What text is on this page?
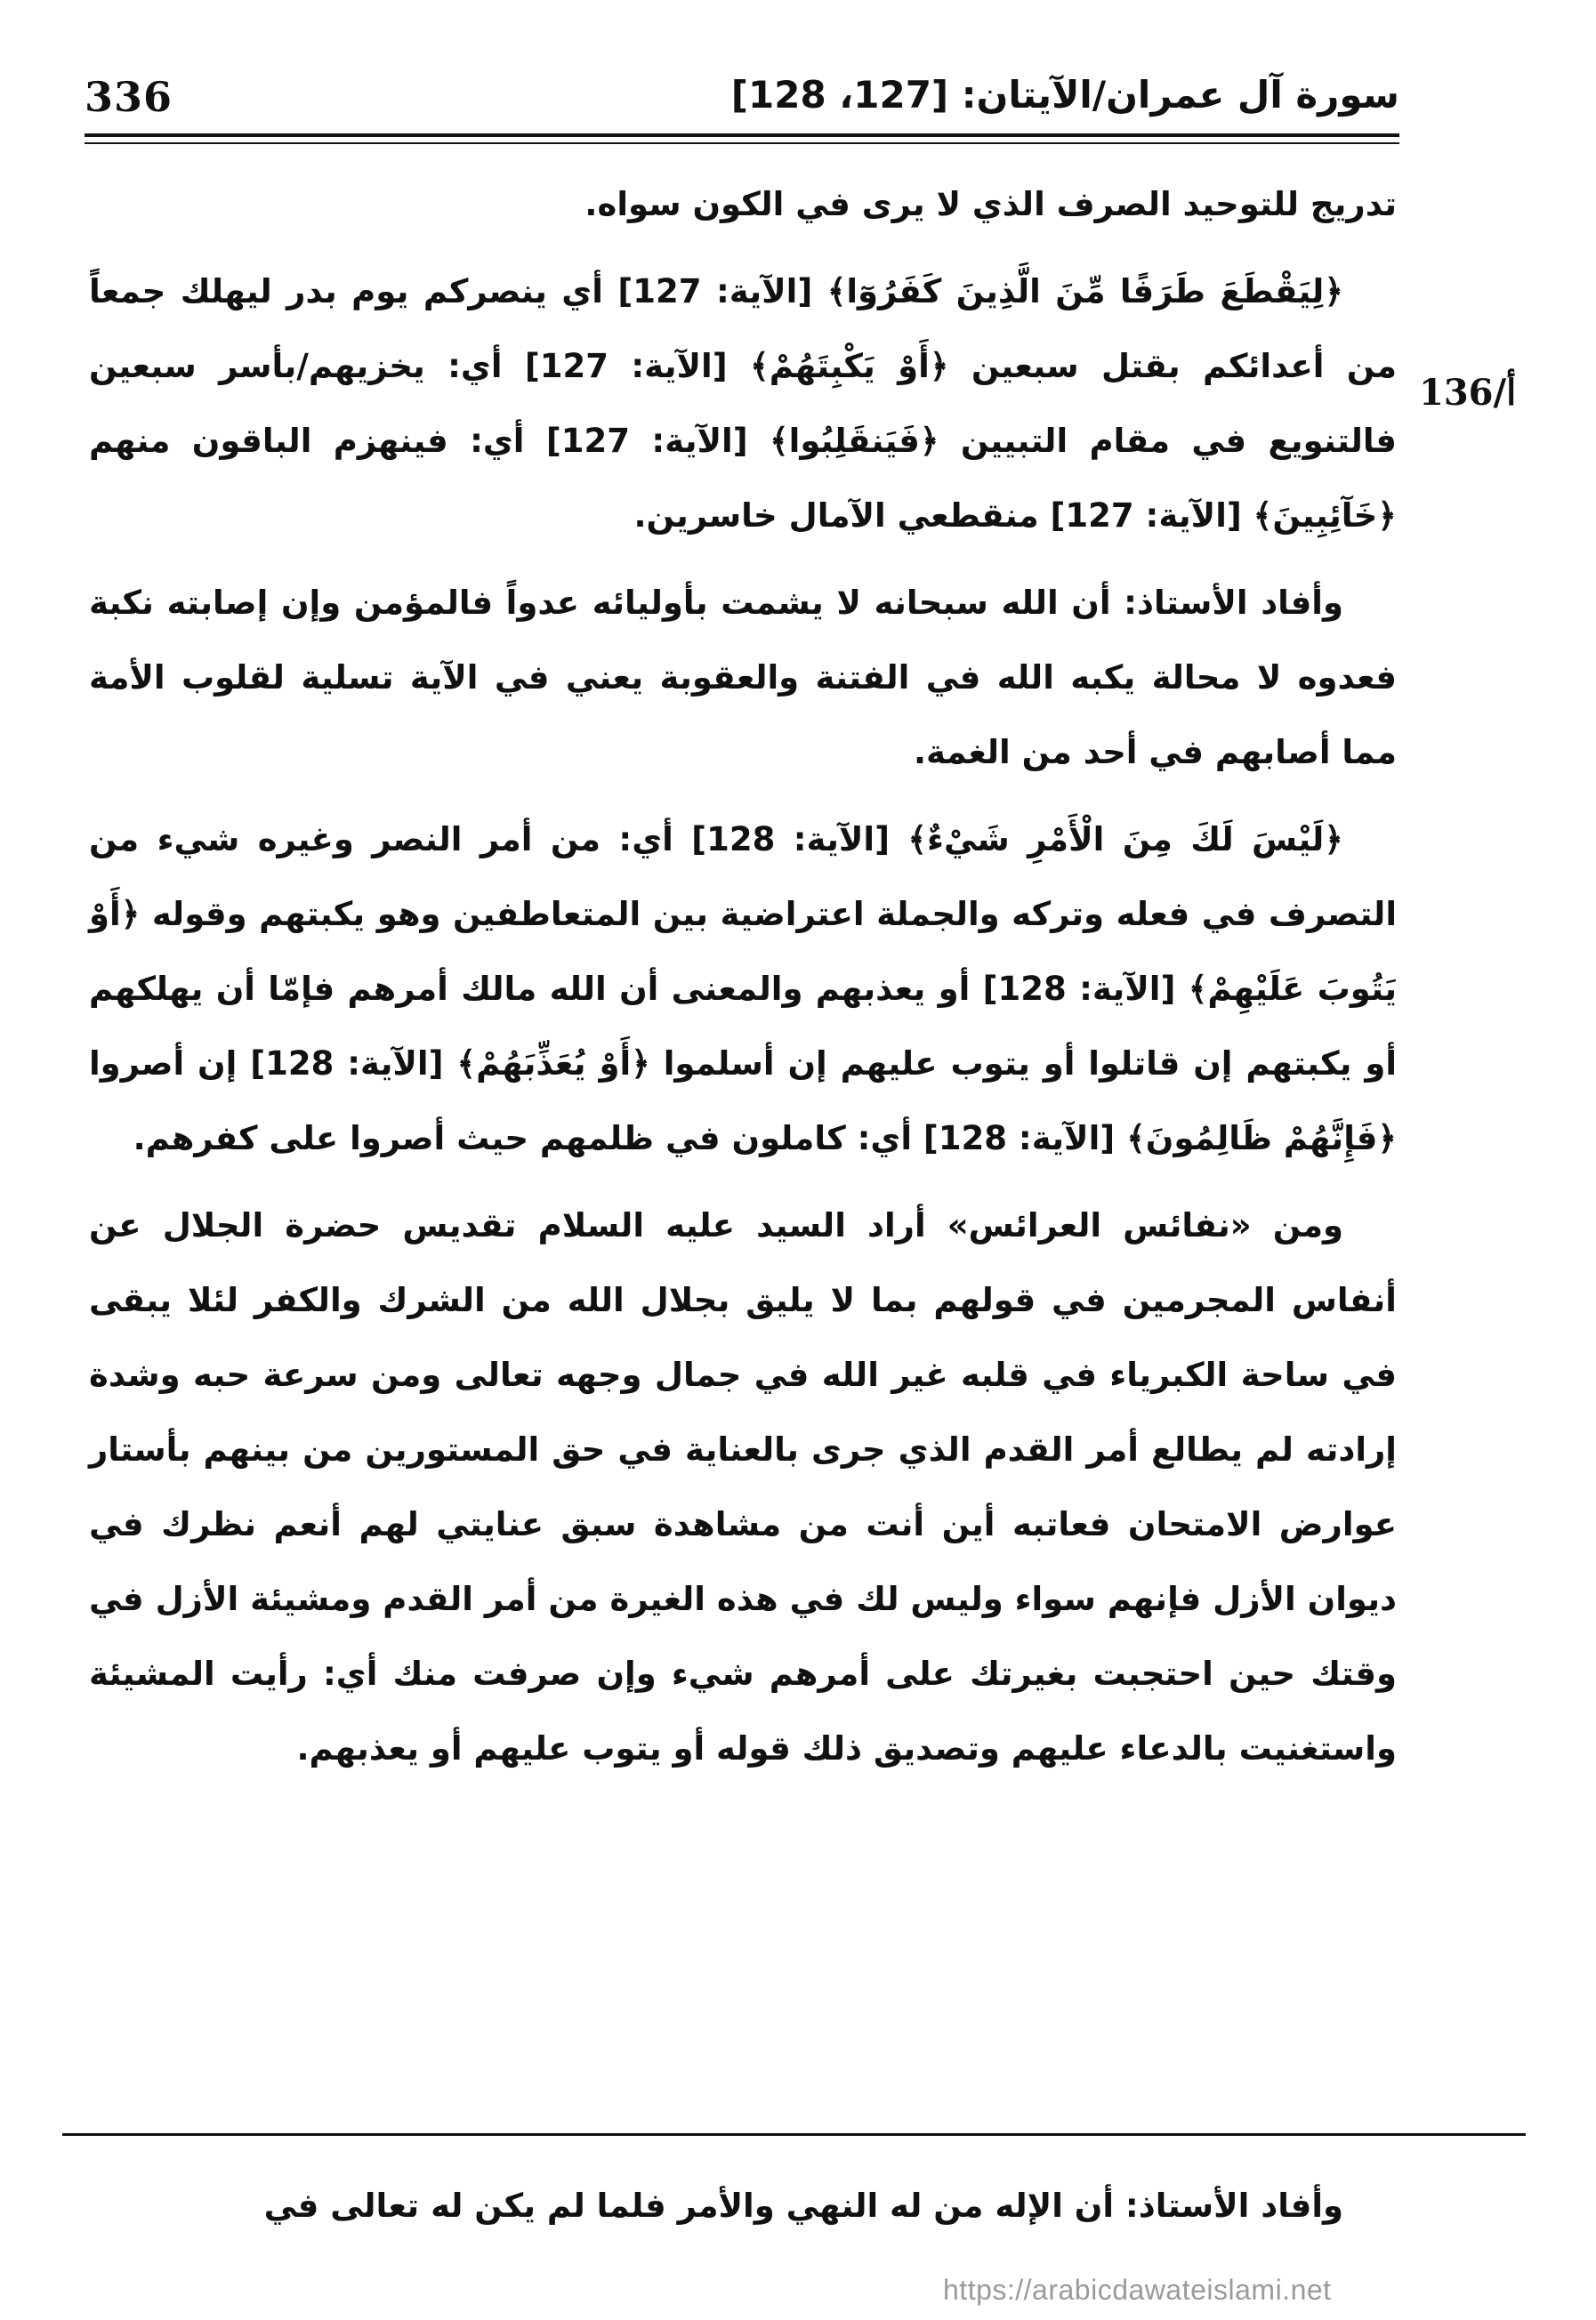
336	سورة آل عمران/الآيتان: [127، 128]
136/أ

تدريج للتوحيد الصرف الذي لا يرى في الكون سواه.

﴿لِيَقْطَعَ طَرَفًا مِّنَ الَّذِينَ كَفَرُوٓا﴾ [الآية: 127] أي ينصركم يوم بدر ليهلك جمعاً من أعدائكم بقتل سبعين ﴿أَوْ يَكْبِتَهُمْ﴾ [الآية: 127] أي: يخزيهم/بأسر سبعين فالتنويع في مقام التبيين ﴿فَيَنقَلِبُوا﴾ [الآية: 127] أي: فينهزم الباقون منهم ﴿خَآئِبِينَ﴾ [الآية: 127] منقطعي الآمال خاسرين.

وأفاد الأستاذ: أن الله سبحانه لا يشمت بأوليائه عدواً فالمؤمن وإن إصابته نكبة فعدوه لا محالة يكبه الله في الفتنة والعقوبة يعني في الآية تسلية لقلوب الأمة مما أصابهم في أحد من الغمة.

﴿لَيْسَ لَكَ مِنَ الْأَمْرِ شَيْءٌ﴾ [الآية: 128] أي: من أمر النصر وغيره شيء من التصرف في فعله وتركه والجملة اعتراضية بين المتعاطفين وهو يكبتهم وقوله ﴿أَوْ يَتُوبَ عَلَيْهِمْ﴾ [الآية: 128] أو يعذبهم والمعنى أن الله مالك أمرهم فإمّا أن يهلكهم أو يكبتهم إن قاتلوا أو يتوب عليهم إن أسلموا ﴿أَوْ يُعَذِّبَهُمْ﴾ [الآية: 128] إن أصروا ﴿فَإِنَّهُمْ ظَالِمُونَ﴾ [الآية: 128] أي: كاملون في ظلمهم حيث أصروا على كفرهم.

ومن «نفائس العرائس» أراد السيد عليه السلام تقديس حضرة الجلال عن أنفاس المجرمين في قولهم بما لا يليق بجلال الله من الشرك والكفر لئلا يبقى في ساحة الكبرياء في قلبه غير الله في جمال وجهه تعالى ومن سرعة حبه وشدة إرادته لم يطالع أمر القدم الذي جرى بالعناية في حق المستورين من بينهم بأستار عوارض الامتحان فعاتبه أين أنت من مشاهدة سبق عنايتي لهم أنعم نظرك في ديوان الأزل فإنهم سواء وليس لك في هذه الغيرة من أمر القدم ومشيئة الأزل في وقتك حين احتجبت بغيرتك على أمرهم شيء وإن صرفت منك أي: رأيت المشيئة واستغنيت بالدعاء عليهم وتصديق ذلك قوله أو يتوب عليهم أو يعذبهم.

وأفاد الأستاذ: أن الإله من له النهي والأمر فلما لم يكن له تعالى في
https://arabicdawateislami.net
